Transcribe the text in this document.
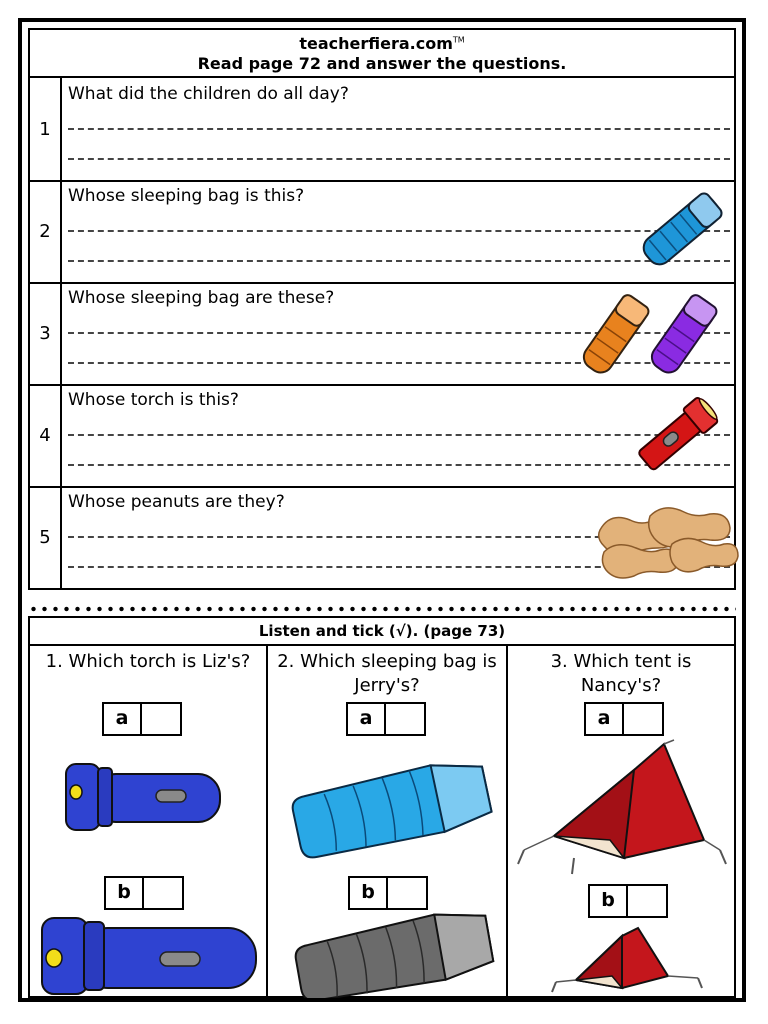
teacherfiera.com™
Read page 72 and answer the questions.
1
What did the children do all day?
2
Whose sleeping bag is this?
3
Whose sleeping bag are these?
4
Whose torch is this?
5
Whose peanuts are they?
Listen and tick (√). (page 73)
1. Which torch is Liz's?
a
b
2. Which sleeping bag is Jerry's?
a
b
3. Which tent is Nancy's?
a
b
